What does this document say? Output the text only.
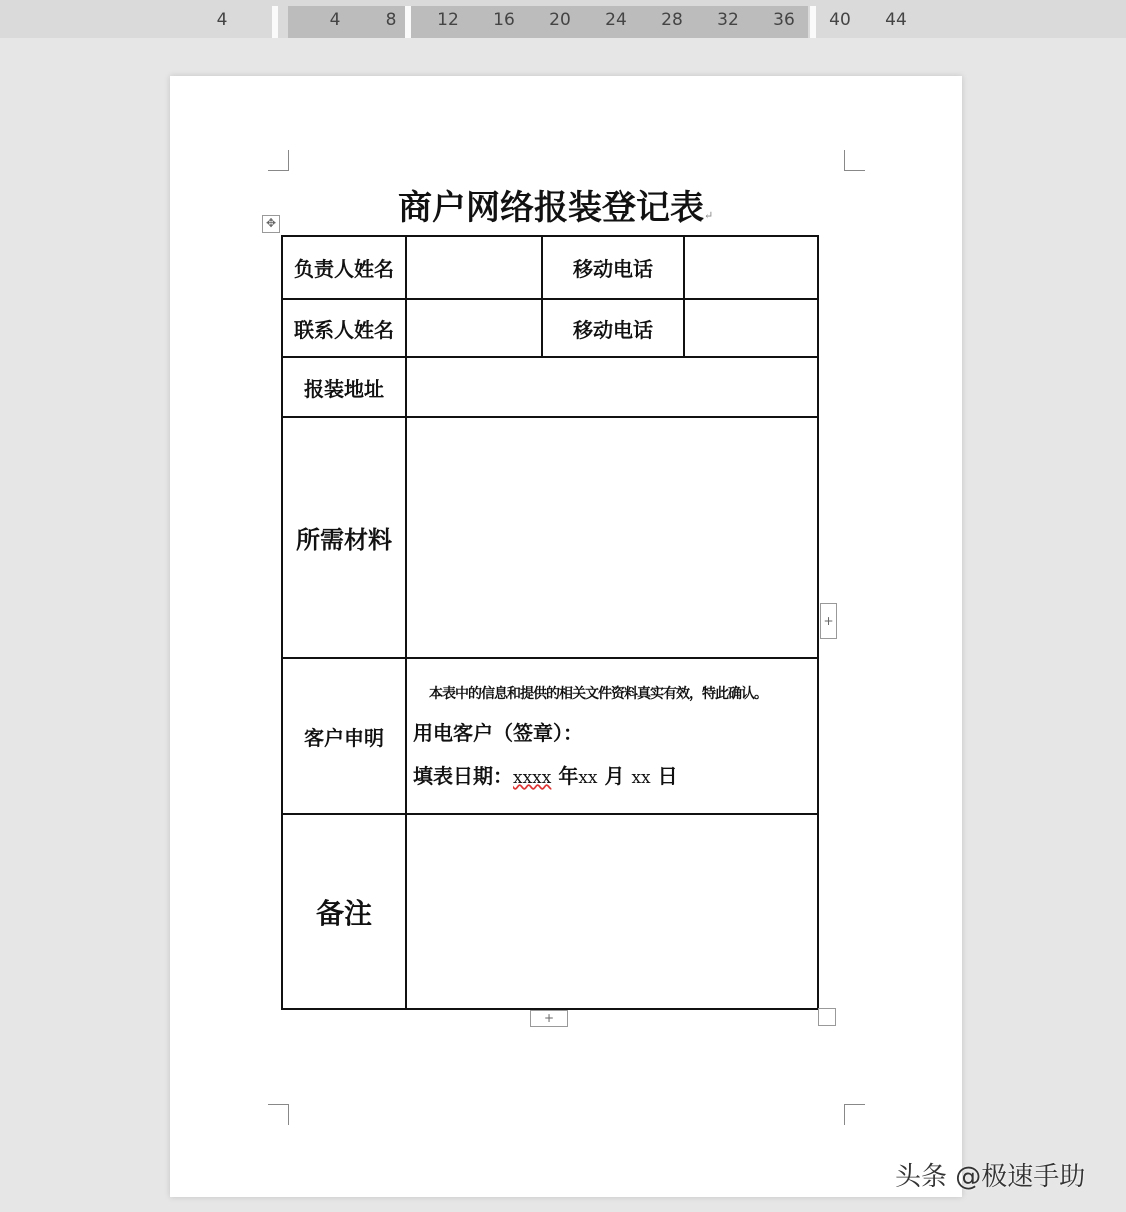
4	4	8 12 16 20 24 28 32 36 40 44
商户网络报装登记表↵
✥
负责人姓名		移动电话	
联系人姓名		移动电话	
报装地址			
所需材料			
客户申明	本表中的信息和提供的相关文件资料真实有效，特此确认。
用电客户（签章）：
填表日期：xxxx 年xx 月 xx 日		

备注			
+
+
头条 @极速手助
